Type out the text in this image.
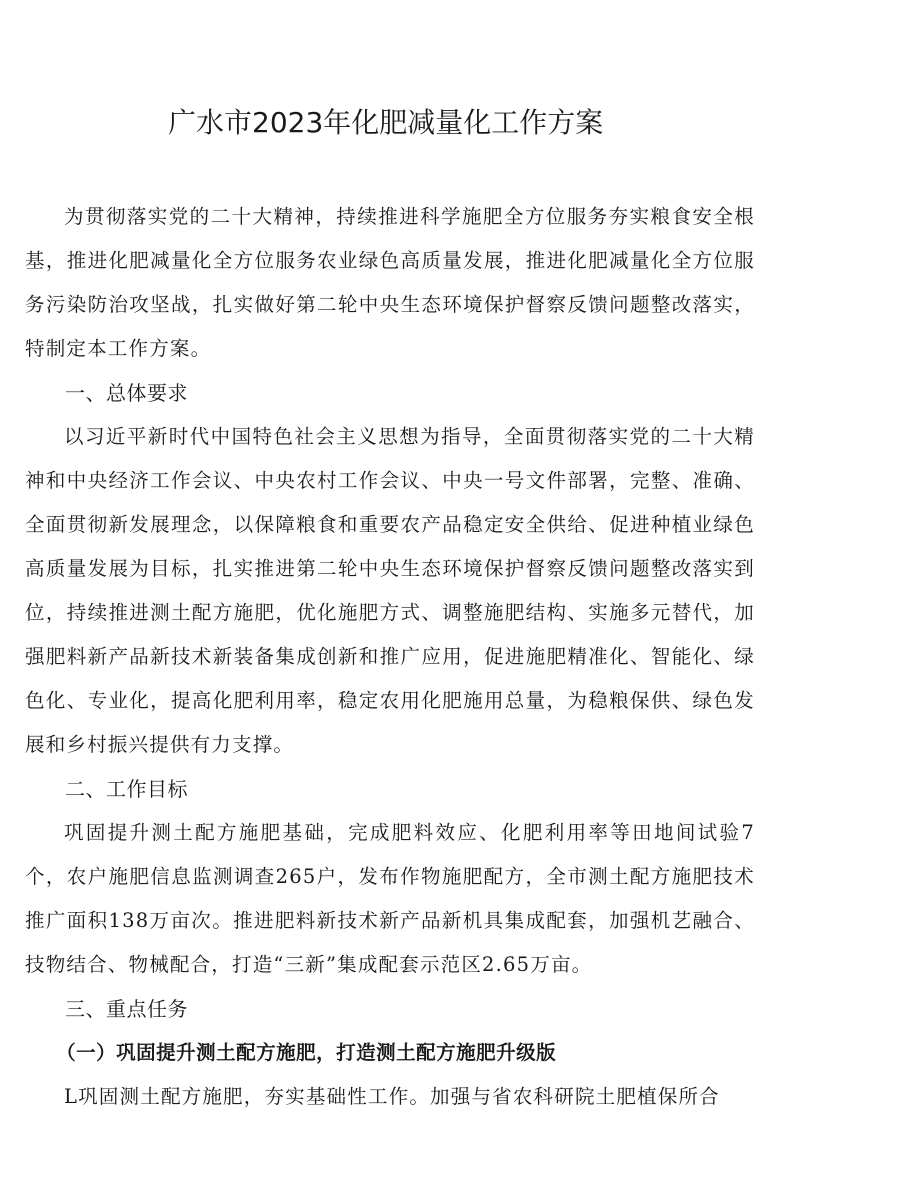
广水市2023年化肥减量化工作方案

为贯彻落实党的二十大精神，持续推进科学施肥全方位服务夯实粮食安全根基，推进化肥减量化全方位服务农业绿色高质量发展，推进化肥减量化全方位服务污染防治攻坚战，扎实做好第二轮中央生态环境保护督察反馈问题整改落实，特制定本工作方案。

一、总体要求

以习近平新时代中国特色社会主义思想为指导，全面贯彻落实党的二十大精神和中央经济工作会议、中央农村工作会议、中央一号文件部署，完整、准确、全面贯彻新发展理念，以保障粮食和重要农产品稳定安全供给、促进种植业绿色高质量发展为目标，扎实推进第二轮中央生态环境保护督察反馈问题整改落实到位，持续推进测土配方施肥，优化施肥方式、调整施肥结构、实施多元替代，加强肥料新产品新技术新装备集成创新和推广应用，促进施肥精准化、智能化、绿色化、专业化，提高化肥利用率，稳定农用化肥施用总量，为稳粮保供、绿色发展和乡村振兴提供有力支撑。

二、工作目标

巩固提升测土配方施肥基础，完成肥料效应、化肥利用率等田地间试验7个，农户施肥信息监测调查265户，发布作物施肥配方，全市测土配方施肥技术推广面积138万亩次。推进肥料新技术新产品新机具集成配套，加强机艺融合、技物结合、物械配合，打造“三新”集成配套示范区2.65万亩。

三、重点任务

（一）巩固提升测土配方施肥，打造测土配方施肥升级版

L巩固测土配方施肥，夯实基础性工作。加强与省农科研院土肥植保所合
